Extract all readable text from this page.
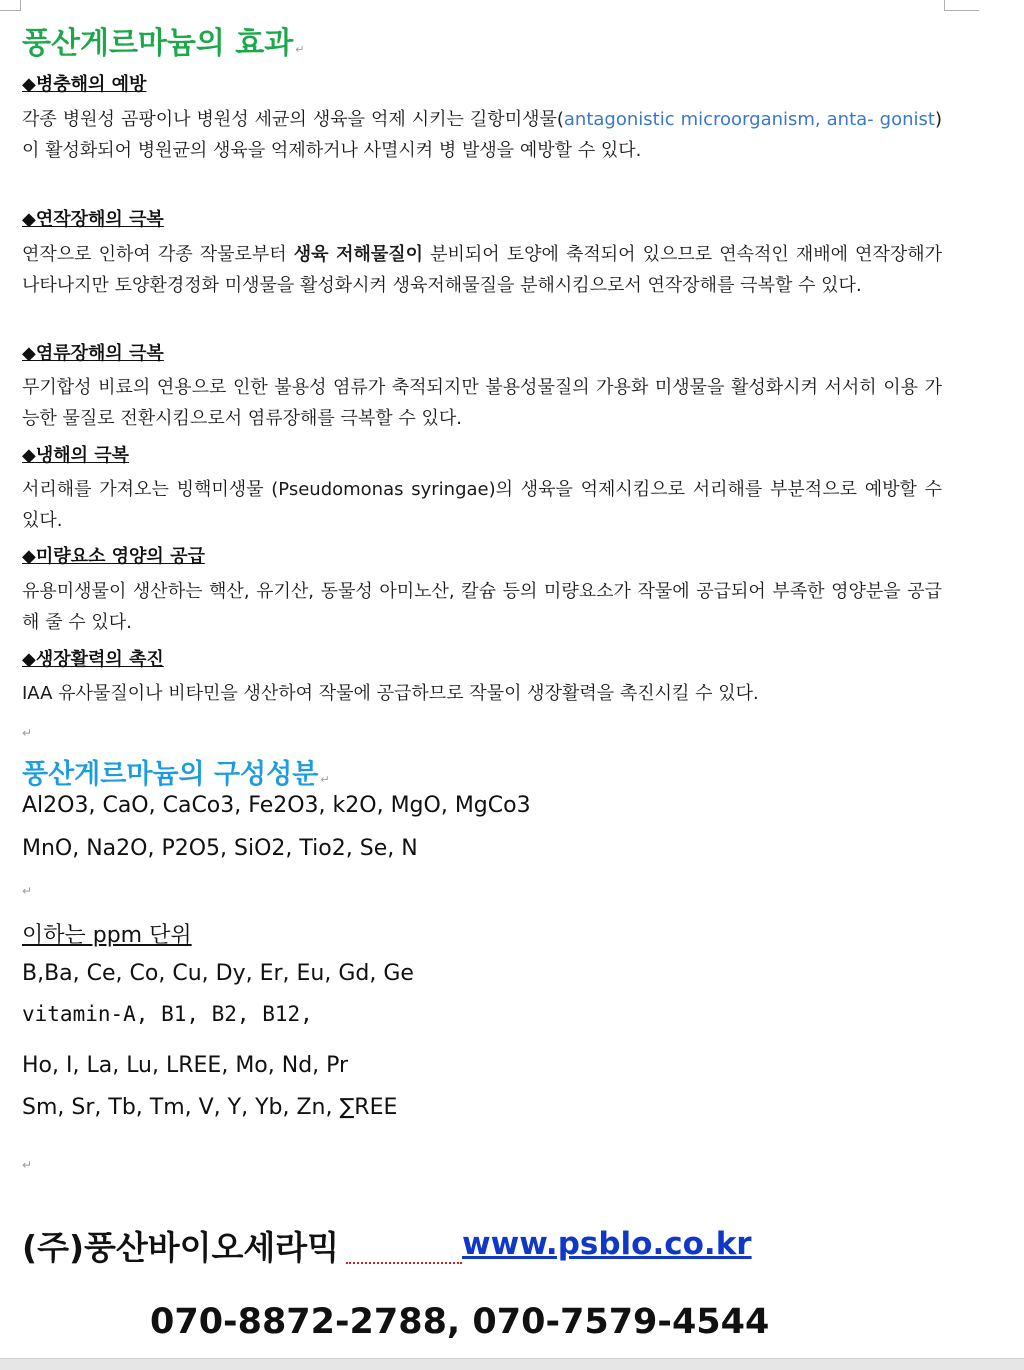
풍산게르마늄의 효과 ↵
◆병충해의 예방
각종 병원성 곰팡이나 병원성 세균의 생육을 억제 시키는 길항미생물(antagonistic microorganism, anta- gonist)이 활성화되어 병원균의 생육을 억제하거나 사멸시켜 병 발생을 예방할 수 있다.
◆연작장해의 극복
연작으로 인하여 각종 작물로부터 생육 저해물질이 분비되어 토양에 축적되어 있으므로 연속적인 재배에 연작장해가 나타나지만 토양환경정화 미생물을 활성화시켜 생육저해물질을 분해시킴으로서 연작장해를 극복할 수 있다.
◆염류장해의 극복
무기합성 비료의 연용으로 인한 불용성 염류가 축적되지만 불용성물질의 가용화 미생물을 활성화시켜 서서히 이용 가능한 물질로 전환시킴으로서 염류장해를 극복할 수 있다.
◆냉해의 극복
서리해를 가져오는 빙핵미생물 (Pseudomonas syringae)의 생육을 억제시킴으로 서리해를 부분적으로 예방할 수 있다.
◆미량요소 영양의 공급
유용미생물이 생산하는 핵산, 유기산, 동물성 아미노산, 칼슘 등의 미량요소가 작물에 공급되어 부족한 영양분을 공급해 줄 수 있다.
◆생장활력의 촉진
IAA 유사물질이나 비타민을 생산하여 작물에 공급하므로 작물이 생장활력을 촉진시킬 수 있다.
↵
풍산게르마늄의 구성성분 ↵
Al2O3, CaO, CaCo3, Fe2O3, k2O, MgO, MgCo3
MnO, Na2O, P2O5, SiO2, Tio2, Se, N
↵
이하는 ppm 단위
B,Ba, Ce, Co, Cu, Dy, Er, Eu, Gd, Ge
vitamin-A, B1, B2, B12,
Ho, I, La, Lu, LREE, Mo, Nd, Pr
Sm, Sr, Tb, Tm, V, Y, Yb, Zn, ∑REE
↵
(주)풍산바이오세라믹	www.psblo.co.kr
070-8872-2788, 070-7579-4544
